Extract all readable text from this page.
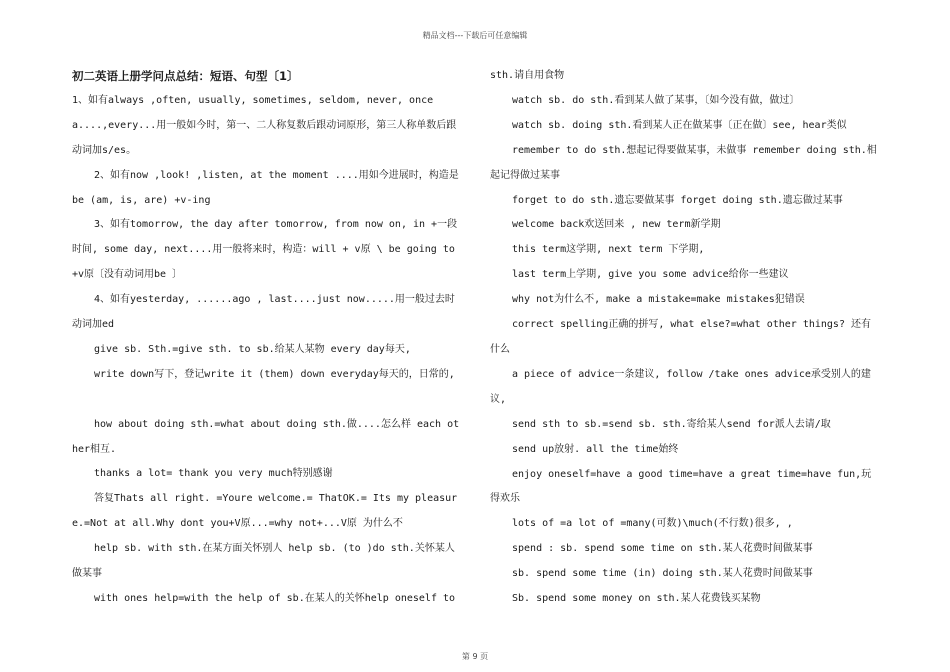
精品文档---下载后可任意编辑

初二英语上册学问点总结：短语、句型〔1〕

1、如有always ,often, usually, sometimes, seldom, never, once a....,every...用一般如今时，第一、二人称复数后跟动词原形，第三人称单数后跟动词加s/es。

2、如有now ,look! ,listen, at the moment ....用如今进展时，构造是be (am, is, are) +v-ing

3、如有tomorrow, the day after tomorrow, from now on, in +一段时间, some day, next....用一般将来时，构造：will + v原 \ be going to +v原〔没有动词用be 〕

4、如有yesterday, ......ago , last....just now.....用一般过去时动词加ed

give sb. Sth.=give sth. to sb.给某人某物 every day每天,

write down写下，登记write it (them) down everyday每天的，日常的,

how about doing sth.=what about doing sth.做....怎么样 each other相互.

thanks a lot= thank you very much特别感谢

答复Thats all right. =Youre welcome.= ThatOK.= Its my pleasure.=Not at all.Why dont you+V原...=why not+...V原 为什么不

help sb. with sth.在某方面关怀别人 help sb. (to )do sth.关怀某人做某事

with ones help=with the help of sb.在某人的关怀help oneself to

sth.请自用食物

watch sb. do sth.看到某人做了某事，〔如今没有做，做过〕

watch sb. doing sth.看到某人正在做某事〔正在做〕see, hear类似

remember to do sth.想起记得要做某事，未做事 remember doing sth.相起记得做过某事

forget to do sth.遗忘要做某事 forget doing sth.遗忘做过某事

welcome back欢送回来 , new term新学期

this term这学期, next term 下学期,

last term上学期, give you some advice给你一些建议

why not为什么不, make a mistake=make mistakes犯错误

correct spelling正确的拼写, what else?=what other things? 还有什么

a piece of advice一条建议, follow /take ones advice承受别人的建议,

send sth to sb.=send sb. sth.寄给某人send for派人去请/取

send up放射. all the time始终

enjoy oneself=have a good time=have a great time=have fun,玩得欢乐

lots of =a lot of =many(可数)\much(不行数)很多, ,

spend : sb. spend some time on sth.某人花费时间做某事

sb. spend some time (in) doing sth.某人花费时间做某事

Sb. spend some money on sth.某人花费钱买某物

第 9 页
